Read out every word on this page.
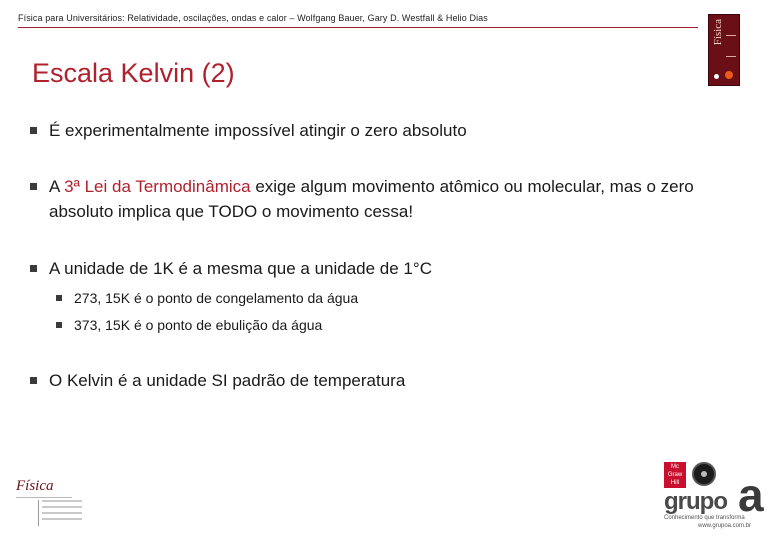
Física para Universitários: Relatividade, oscilações, ondas e calor – Wolfgang Bauer, Gary D. Westfall & Helio Dias
Física
Escala Kelvin (2)
É experimentalmente impossível atingir o zero absoluto
A 3ª Lei da Termodinâmica exige algum movimento atômico ou molecular, mas o zero absoluto implica que TODO o movimento cessa!
A unidade de 1K é a mesma que a unidade de 1°C
273, 15K é o ponto de congelamento da água
373, 15K é o ponto de ebulição da água
O Kelvin é a unidade SI padrão de temperatura
Física
Mc Graw Hill
grupo a
Conhecimento que transforma
www.grupoa.com.br
